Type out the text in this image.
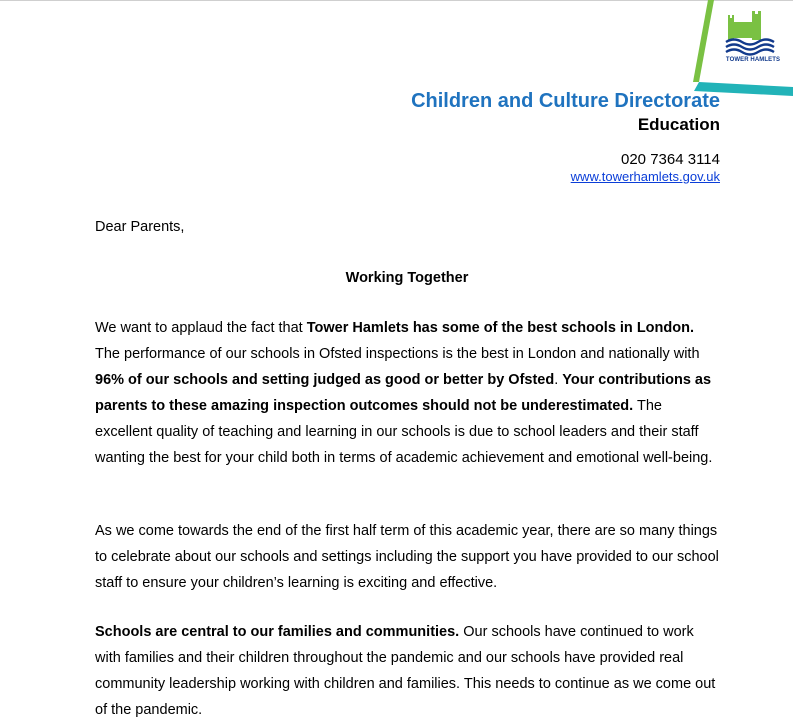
TOWER HAMLETS
Children and Culture Directorate
Education
020 7364 3114
www.towerhamlets.gov.uk
Dear Parents,
Working Together

We want to applaud the fact that Tower Hamlets has some of the best schools in London. The performance of our schools in Ofsted inspections is the best in London and nationally with 96% of our schools and setting judged as good or better by Ofsted. Your contributions as parents to these amazing inspection outcomes should not be underestimated. The excellent quality of teaching and learning in our schools is due to school leaders and their staff wanting the best for your child both in terms of academic achievement and emotional well-being.

As we come towards the end of the first half term of this academic year, there are so many things to celebrate about our schools and settings including the support you have provided to our school staff to ensure your children’s learning is exciting and effective.

Schools are central to our families and communities. Our schools have continued to work with families and their children throughout the pandemic and our schools have provided real community leadership working with children and families. This needs to continue as we come out of the pandemic.
